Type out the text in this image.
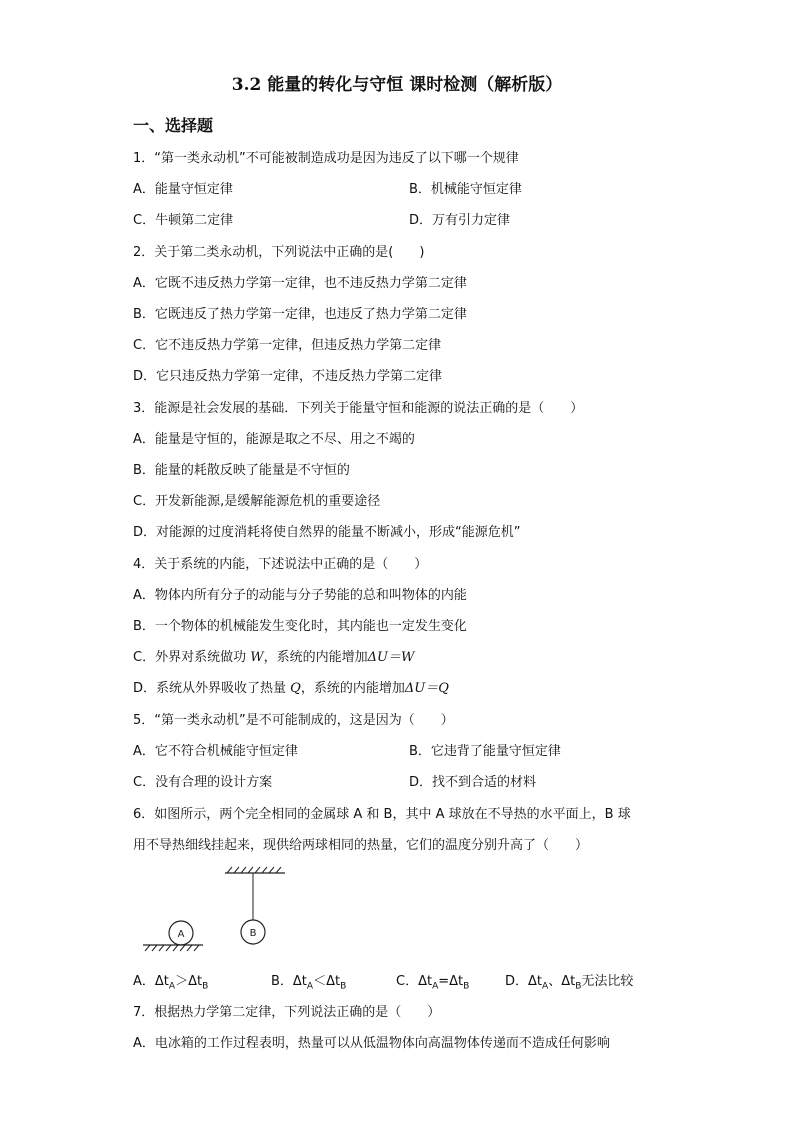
3.2 能量的转化与守恒 课时检测（解析版）
一、选择题
1．“第一类永动机”不可能被制造成功是因为违反了以下哪一个规律
A．能量守恒定律	B．机械能守恒定律
C．牛顿第二定律	D．万有引力定律
2．关于第二类永动机，下列说法中正确的是(　　)
A．它既不违反热力学第一定律，也不违反热力学第二定律
B．它既违反了热力学第一定律，也违反了热力学第二定律
C．它不违反热力学第一定律，但违反热力学第二定律
D．它只违反热力学第一定律，不违反热力学第二定律
3．能源是社会发展的基础．下列关于能量守恒和能源的说法正确的是（　　）
A．能量是守恒的，能源是取之不尽、用之不竭的
B．能量的耗散反映了能量是不守恒的
C．开发新能源,是缓解能源危机的重要途径
D．对能源的过度消耗将使自然界的能量不断减小，形成“能源危机”
4．关于系统的内能，下述说法中正确的是（　　）
A．物体内所有分子的动能与分子势能的总和叫物体的内能
B．一个物体的机械能发生变化时，其内能也一定发生变化
C．外界对系统做功 W，系统的内能增加ΔU＝W
D．系统从外界吸收了热量 Q，系统的内能增加ΔU＝Q
5．“第一类永动机”是不可能制成的，这是因为（　　）
A．它不符合机械能守恒定律	B．它违背了能量守恒定律
C．没有合理的设计方案	D．找不到合适的材料
6．如图所示，两个完全相同的金属球 A 和 B，其中 A 球放在不导热的水平面上，B 球
用不导热细线挂起来，现供给两球相同的热量，它们的温度分别升高了（　　）
B
A
A．$\Delta t_A>\Delta t_B$	B．$\Delta t_A<\Delta t_B$	C．$\Delta t_A=\Delta t_B$	D．$\Delta t_A$、$\Delta t_B$无法比较
7．根据热力学第二定律，下列说法正确的是（　　）
A．电冰箱的工作过程表明，热量可以从低温物体向高温物体传递而不造成任何影响
